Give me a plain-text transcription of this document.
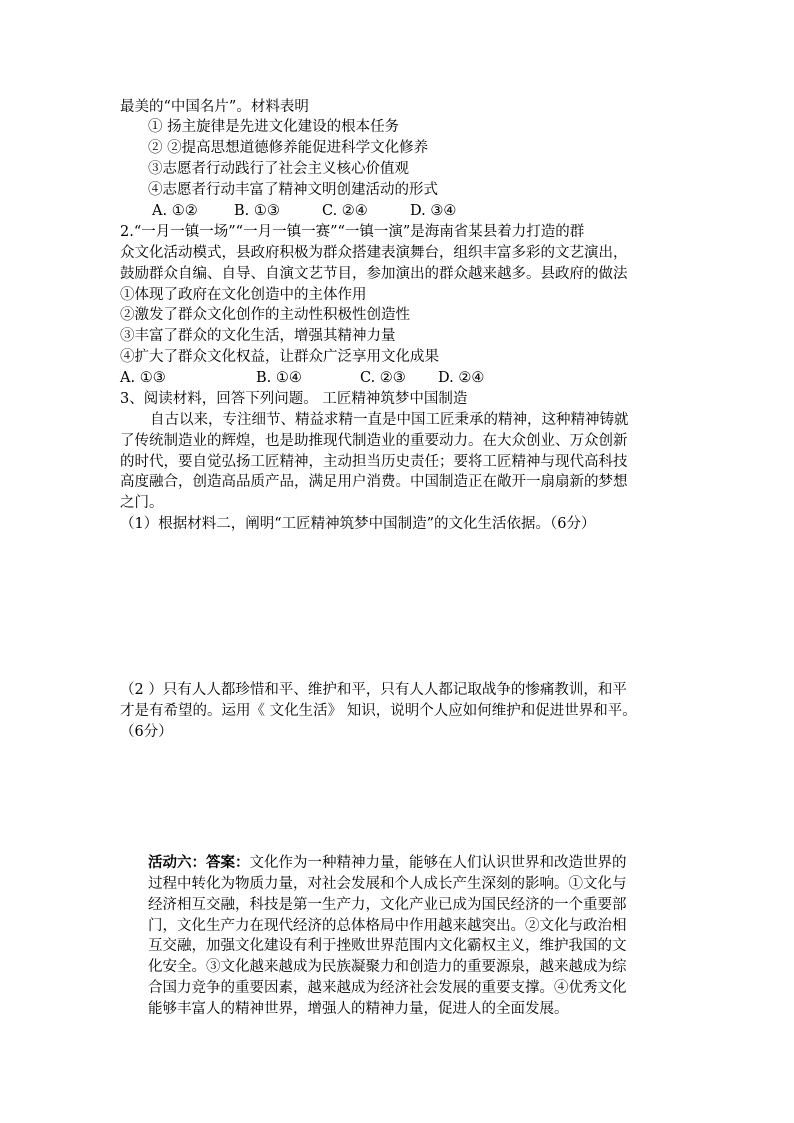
最美的“中国名片”。材料表明
① 扬主旋律是先进文化建设的根本任务
② ②提高思想道德修养能促进科学文化修养
③志愿者行动践行了社会主义核心价值观
④志愿者行动丰富了精神文明创建活动的形式
A. ①②	B. ①③	C. ②④	D. ③④
2.“一月一镇一场”“一月一镇一赛”“一镇一演”是海南省某县着力打造的群
众文化活动模式，县政府积极为群众搭建表演舞台，组织丰富多彩的文艺演出，
鼓励群众自编、自导、自演文艺节目，参加演出的群众越来越多。县政府的做法
①体现了政府在文化创造中的主体作用
②激发了群众文化创作的主动性积极性创造性
③丰富了群众的文化生活，增强其精神力量
④扩大了群众文化权益，让群众广泛享用文化成果
A. ①③	B. ①④	C. ②③ D. ②④
3、阅读材料，回答下列问题。 工匠精神筑梦中国制造
自古以来，专注细节、精益求精一直是中国工匠秉承的精神，这种精神铸就
了传统制造业的辉煌，也是助推现代制造业的重要动力。在大众创业、万众创新
的时代，要自觉弘扬工匠精神，主动担当历史责任；要将工匠精神与现代高科技
高度融合，创造高品质产品，满足用户消费。中国制造正在敞开一扇扇新的梦想
之门。
（1）根据材料二，阐明“工匠精神筑梦中国制造”的文化生活依据。（6分）
（2 ）只有人人都珍惜和平、维护和平，只有人人都记取战争的惨痛教训，和平
才是有希望的。运用《 文化生活》 知识，说明个人应如何维护和促进世界和平。
（6分）
活动六：答案：文化作为一种精神力量，能够在人们认识世界和改造世界的
过程中转化为物质力量，对社会发展和个人成长产生深刻的影响。①文化与
经济相互交融，科技是第一生产力，文化产业已成为国民经济的一个重要部
门，文化生产力在现代经济的总体格局中作用越来越突出。②文化与政治相
互交融，加强文化建设有利于挫败世界范围内文化霸权主义，维护我国的文
化安全。③文化越来越成为民族凝聚力和创造力的重要源泉，越来越成为综
合国力竞争的重要因素，越来越成为经济社会发展的重要支撑。④优秀文化
能够丰富人的精神世界，增强人的精神力量，促进人的全面发展。
